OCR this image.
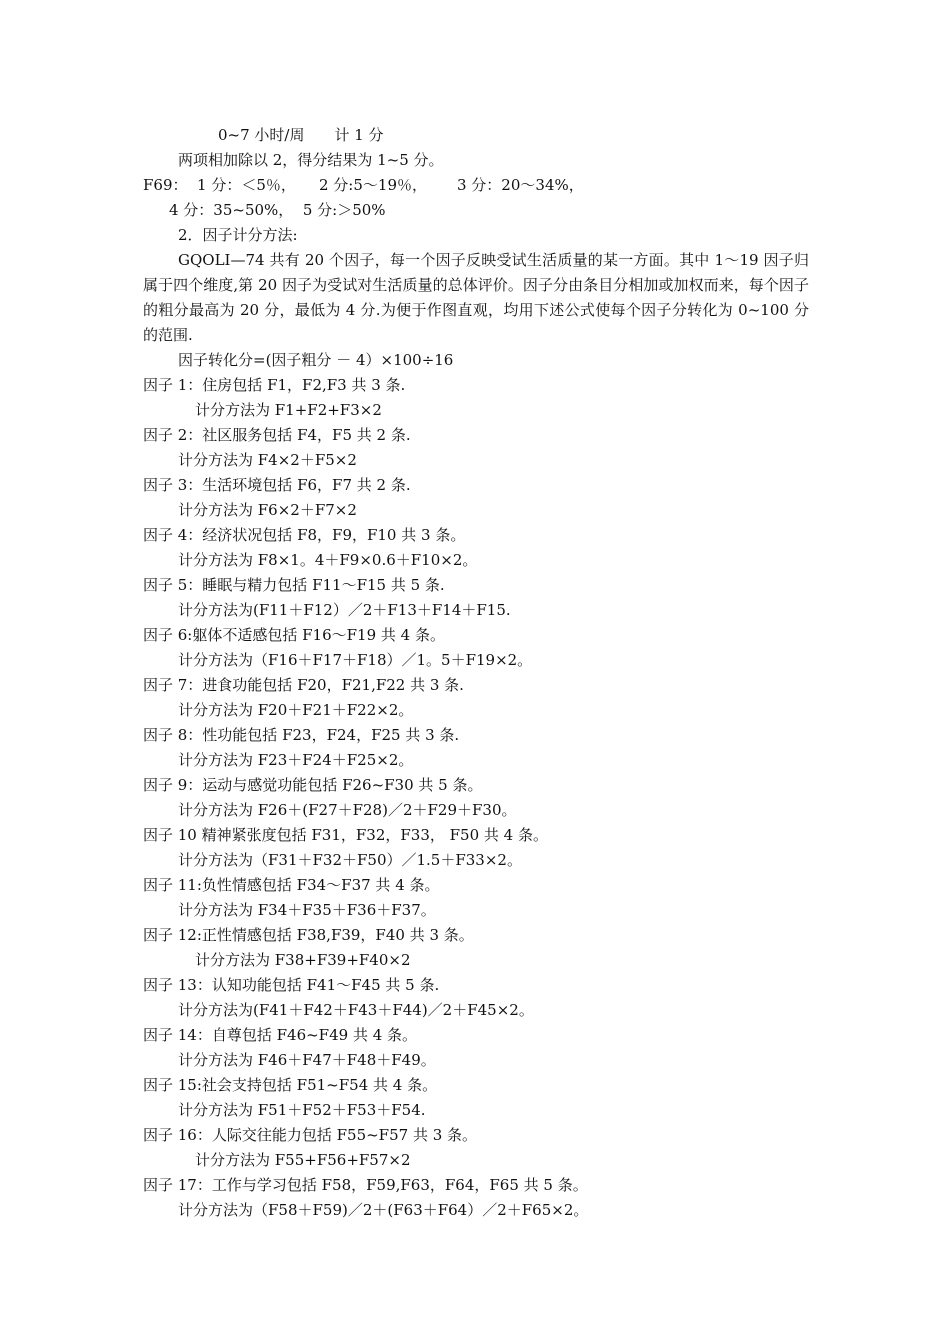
0~7 小时/周　　计 1 分
两项相加除以 2，得分结果为 1~5 分。
F69：  1 分：＜5％， 2 分:5～19％， 3 分：20～34%，
4 分：35~50%，  5 分:＞50%
2．因子计分方法:
GQOLI—74 共有 20 个因子，每一个因子反映受试生活质量的某一方面。其中 1～19 因子归属于四个维度,第 20 因子为受试对生活质量的总体评价。因子分由条目分相加或加权而来，每个因子的粗分最高为 20 分，最低为 4 分.为便于作图直观，均用下述公式使每个因子分转化为 0~100 分的范围.
因子转化分=(因子粗分 － 4）×100÷16
因子 1：住房包括 F1，F2,F3 共 3 条.
计分方法为 F1+F2+F3×2
因子 2：社区服务包括 F4，F5 共 2 条.
计分方法为 F4×2＋F5×2
因子 3：生活环境包括 F6，F7 共 2 条.
计分方法为 F6×2＋F7×2
因子 4：经济状况包括 F8，F9，F10 共 3 条。
计分方法为 F8×1。4＋F9×0.6＋F10×2。
因子 5：睡眠与精力包括 F11～F15 共 5 条.
计分方法为(F11＋F12）／2＋F13＋F14＋F15.
因子 6:躯体不适感包括 F16～F19 共 4 条。
计分方法为（F16＋F17＋F18）／1。5＋F19×2。
因子 7：进食功能包括 F20，F21,F22 共 3 条.
计分方法为 F20＋F21＋F22×2。
因子 8：性功能包括 F23，F24，F25 共 3 条.
计分方法为 F23＋F24＋F25×2。
因子 9：运动与感觉功能包括 F26~F30 共 5 条。
计分方法为 F26＋(F27＋F28)／2＋F29＋F30。
因子 10 精神紧张度包括 F31，F32，F33， F50 共 4 条。
计分方法为（F31＋F32＋F50）／1.5＋F33×2。
因子 11:负性情感包括 F34～F37 共 4 条。
计分方法为 F34＋F35＋F36＋F37。
因子 12:正性情感包括 F38,F39，F40 共 3 条。
计分方法为 F38+F39+F40×2
因子 13：认知功能包括 F41～F45 共 5 条.
计分方法为(F41＋F42＋F43＋F44)／2＋F45×2。
因子 14：自尊包括 F46~F49 共 4 条。
计分方法为 F46＋F47＋F48＋F49。
因子 15:社会支持包括 F51~F54 共 4 条。
计分方法为 F51＋F52＋F53＋F54.
因子 16：人际交往能力包括 F55~F57 共 3 条。
计分方法为 F55+F56+F57×2
因子 17：工作与学习包括 F58，F59,F63，F64，F65 共 5 条。
计分方法为（F58＋F59)／2＋(F63＋F64）／2＋F65×2。
